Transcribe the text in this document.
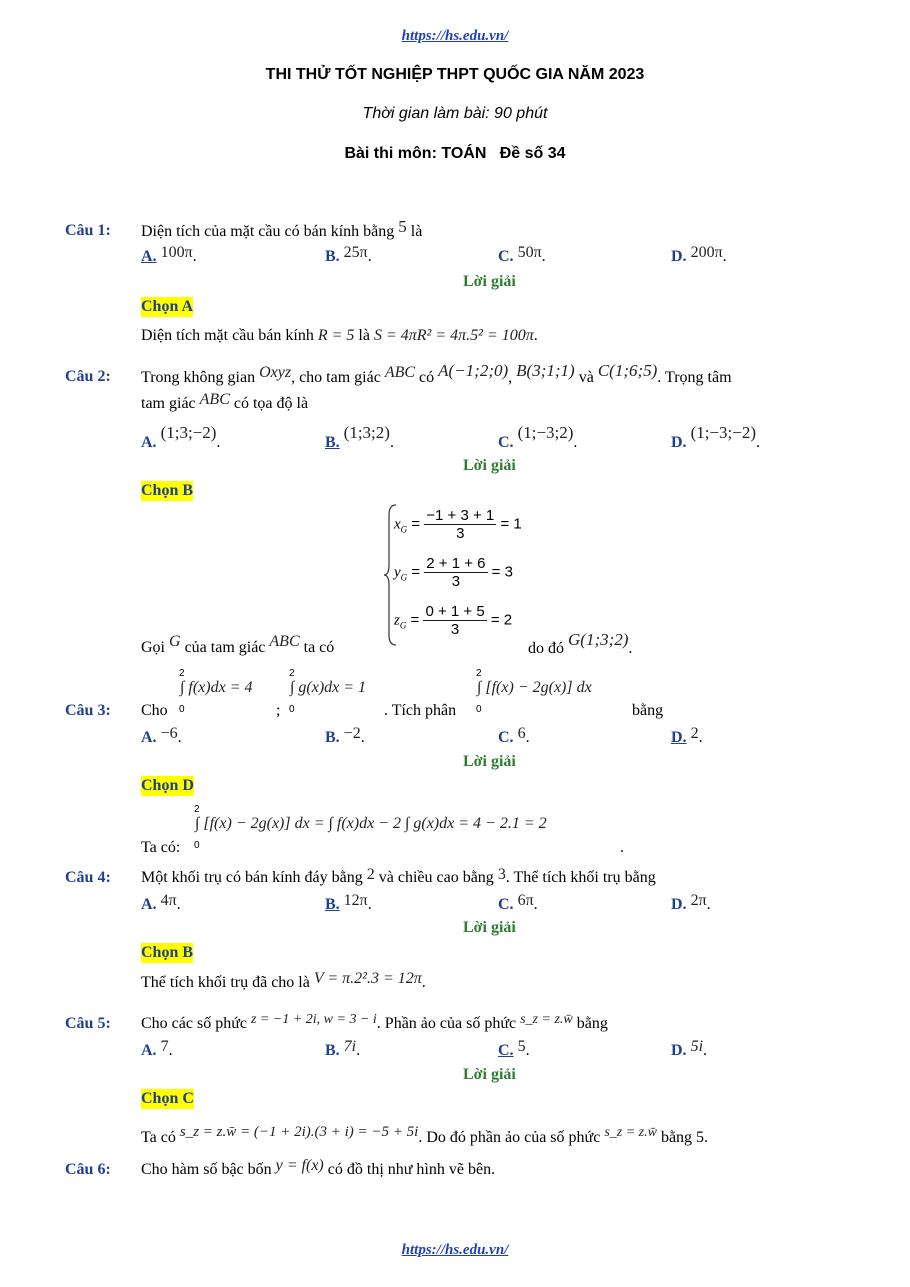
https://hs.edu.vn/
THI THỬ TỐT NGHIỆP THPT QUỐC GIA NĂM 2023
Thời gian làm bài: 90 phút
Bài thi môn: TOÁN   Đề số 34
Câu 1: Diện tích của mặt cầu có bán kính bằng 5 là
A. 100π.	B. 25π.	C. 50π.	D. 200π.
Lời giải
Chọn A
Diện tích mặt cầu bán kính R = 5 là S = 4πR² = 4π.5² = 100π.
Câu 2: Trong không gian Oxyz, cho tam giác ABC có A(−1;2;0), B(3;1;1) và C(1;6;5). Trọng tâm
tam giác ABC có tọa độ là
A. (1;3;−2).	B. (1;3;2).	C. (1;−3;2).	D. (1;−3;−2).
Lời giải
Chọn B
$x_G = \frac{-1 + 3 + 1}{3} = 1$
$y_G = \frac{2 + 1 + 6}{3} = 3$
$z_G = \frac{0 + 1 + 5}{3} = 2$
Gọi G của tam giác ABC ta có	do đó G(1;3;2).
Câu 3: Cho
2
∫ f(x)dx = 4
0	;
2
∫ g(x)dx = 1
0	. Tích phân
2
∫ [f(x) − 2g(x)] dx
0	bằng
A. −6.	B. −2.	C. 6.	D. 2.
Lời giải
Chọn D
Ta có:
2
∫ [f(x) − 2g(x)] dx = ∫ f(x)dx − 2 ∫ g(x)dx = 4 − 2.1 = 2
0	.
Câu 4: Một khối trụ có bán kính đáy bằng 2 và chiều cao bằng 3. Thể tích khối trụ bằng
A. 4π.	B. 12π.	C. 6π.	D. 2π.
Lời giải
Chọn B
Thể tích khối trụ đã cho là V = π.2².3 = 12π.
Câu 5: Cho các số phức z = −1 + 2i, w = 3 − i. Phần ảo của số phức s_z = z.w̄ bằng
A. 7.	B. 7i.	C. 5.	D. 5i.
Lời giải
Chọn C
Ta có s_z = z.w̄ = (−1 + 2i).(3 + i) = −5 + 5i. Do đó phần ảo của số phức s_z = z.w̄ bằng 5.
Câu 6: Cho hàm số bậc bốn y = f(x) có đồ thị như hình vẽ bên.
https://hs.edu.vn/
